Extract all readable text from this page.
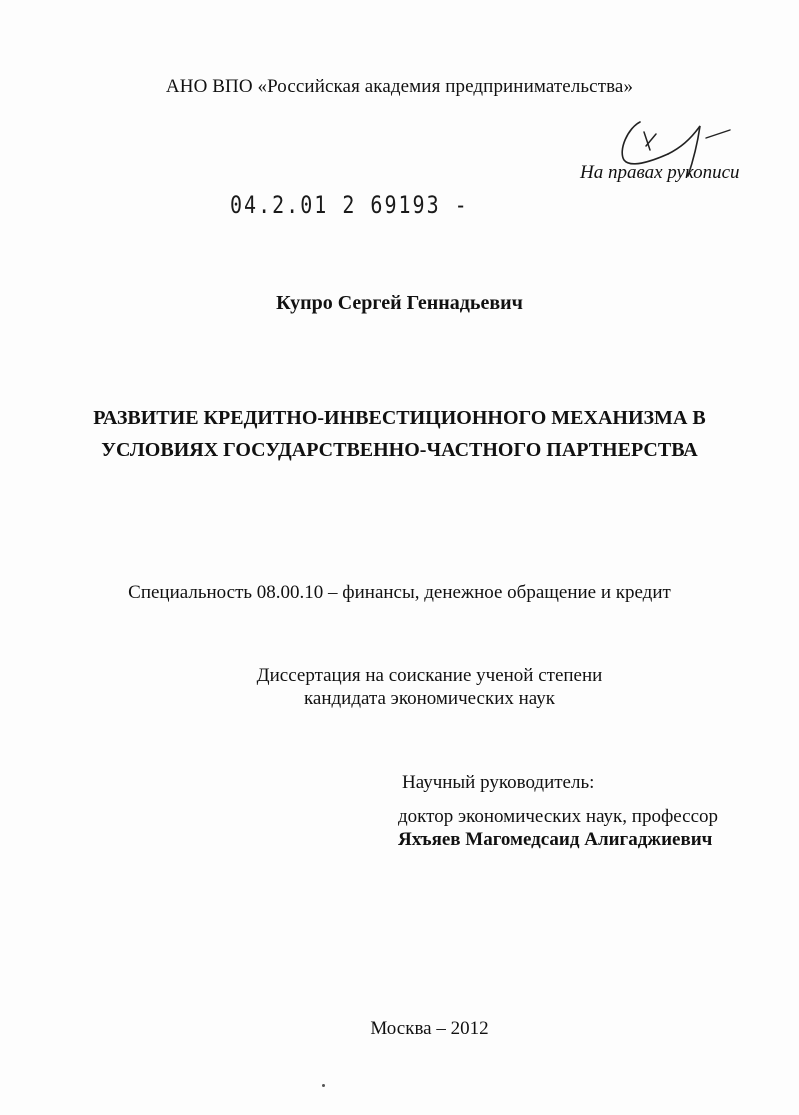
АНО ВПО «Российская академия предпринимательства»
На правах рукописи
04.2.01 2 69193 -
Купро Сергей Геннадьевич
РАЗВИТИЕ КРЕДИТНО-ИНВЕСТИЦИОННОГО МЕХАНИЗМА В
УСЛОВИЯХ ГОСУДАРСТВЕННО-ЧАСТНОГО ПАРТНЕРСТВА
Специальность 08.00.10 – финансы, денежное обращение и кредит
Диссертация на соискание ученой степени
кандидата экономических наук
Научный руководитель:
доктор экономических наук, профессор
Яхъяев Магомедсаид Алигаджиевич
Москва – 2012
